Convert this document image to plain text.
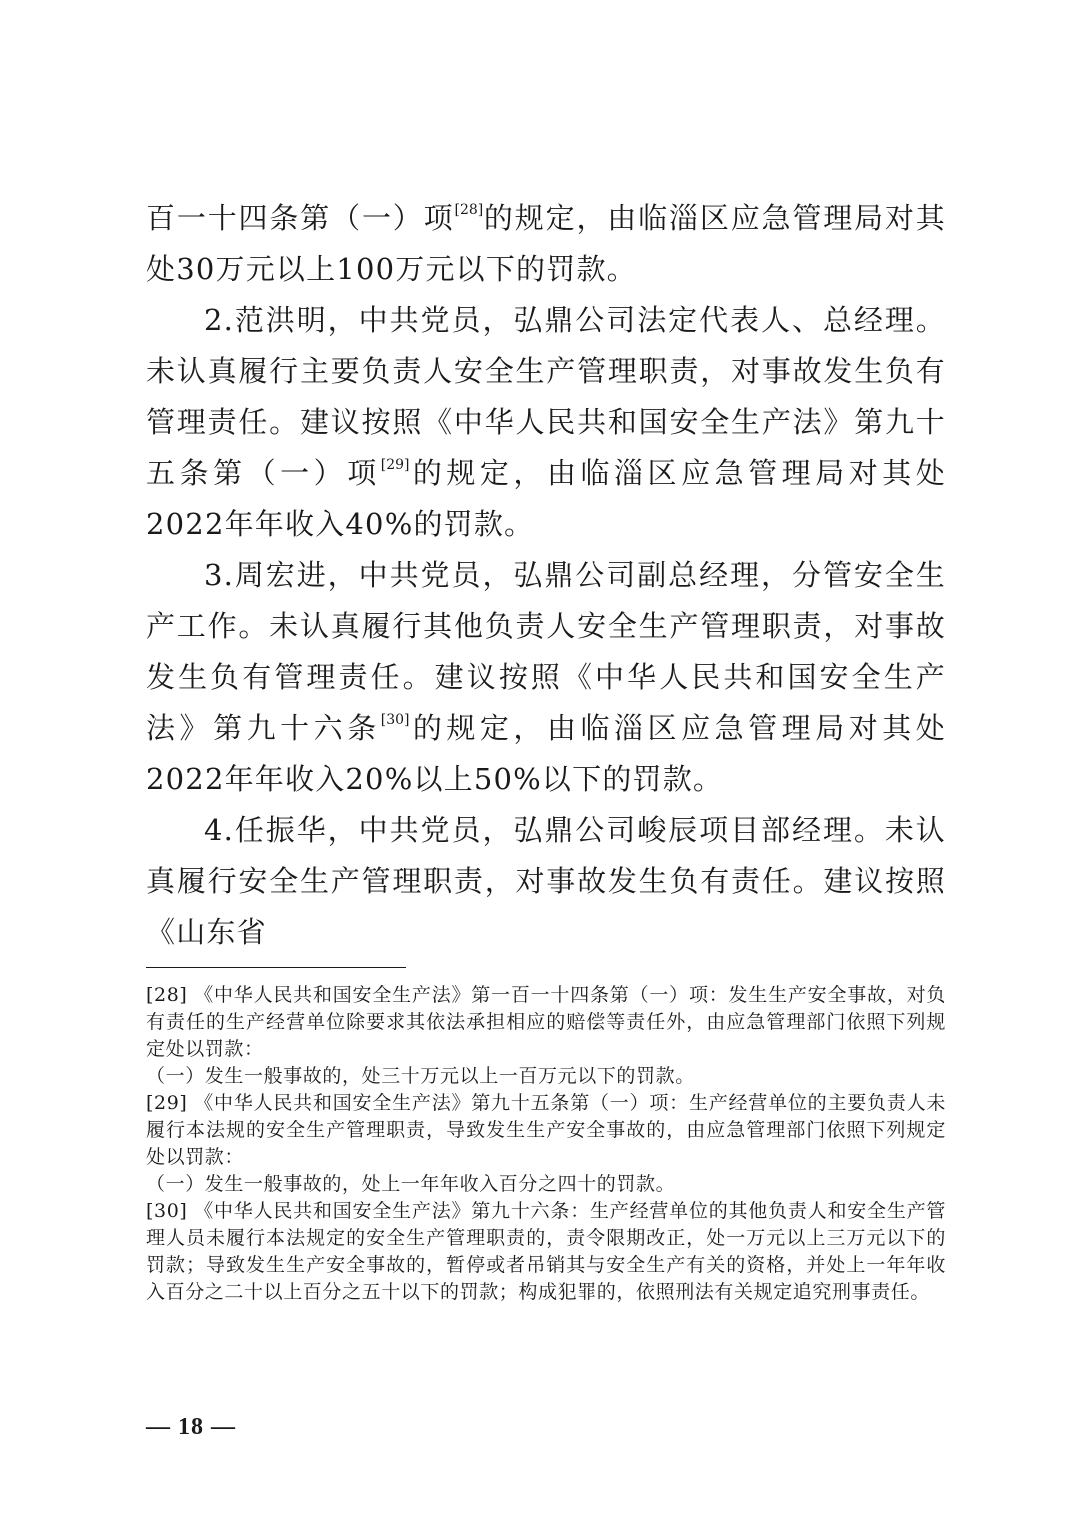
百一十四条第（一）项[28]的规定，由临淄区应急管理局对其处30万元以上100万元以下的罚款。

2.范洪明，中共党员，弘鼎公司法定代表人、总经理。未认真履行主要负责人安全生产管理职责，对事故发生负有管理责任。建议按照《中华人民共和国安全生产法》第九十五条第（一）项[29]的规定，由临淄区应急管理局对其处2022年年收入40%的罚款。

3.周宏进，中共党员，弘鼎公司副总经理，分管安全生产工作。未认真履行其他负责人安全生产管理职责，对事故发生负有管理责任。建议按照《中华人民共和国安全生产法》第九十六条[30]的规定，由临淄区应急管理局对其处2022年年收入20%以上50%以下的罚款。

4.任振华，中共党员，弘鼎公司峻辰项目部经理。未认真履行安全生产管理职责，对事故发生负有责任。建议按照《山东省

[28] 《中华人民共和国安全生产法》第一百一十四条第（一）项：发生生产安全事故，对负有责任的生产经营单位除要求其依法承担相应的赔偿等责任外，由应急管理部门依照下列规定处以罚款：

（一）发生一般事故的，处三十万元以上一百万元以下的罚款。

[29] 《中华人民共和国安全生产法》第九十五条第（一）项：生产经营单位的主要负责人未履行本法规的安全生产管理职责，导致发生生产安全事故的，由应急管理部门依照下列规定处以罚款：

（一）发生一般事故的，处上一年年收入百分之四十的罚款。

[30] 《中华人民共和国安全生产法》第九十六条：生产经营单位的其他负责人和安全生产管理人员未履行本法规定的安全生产管理职责的，责令限期改正，处一万元以上三万元以下的罚款；导致发生生产安全事故的，暂停或者吊销其与安全生产有关的资格，并处上一年年收入百分之二十以上百分之五十以下的罚款；构成犯罪的，依照刑法有关规定追究刑事责任。

— 18 —
